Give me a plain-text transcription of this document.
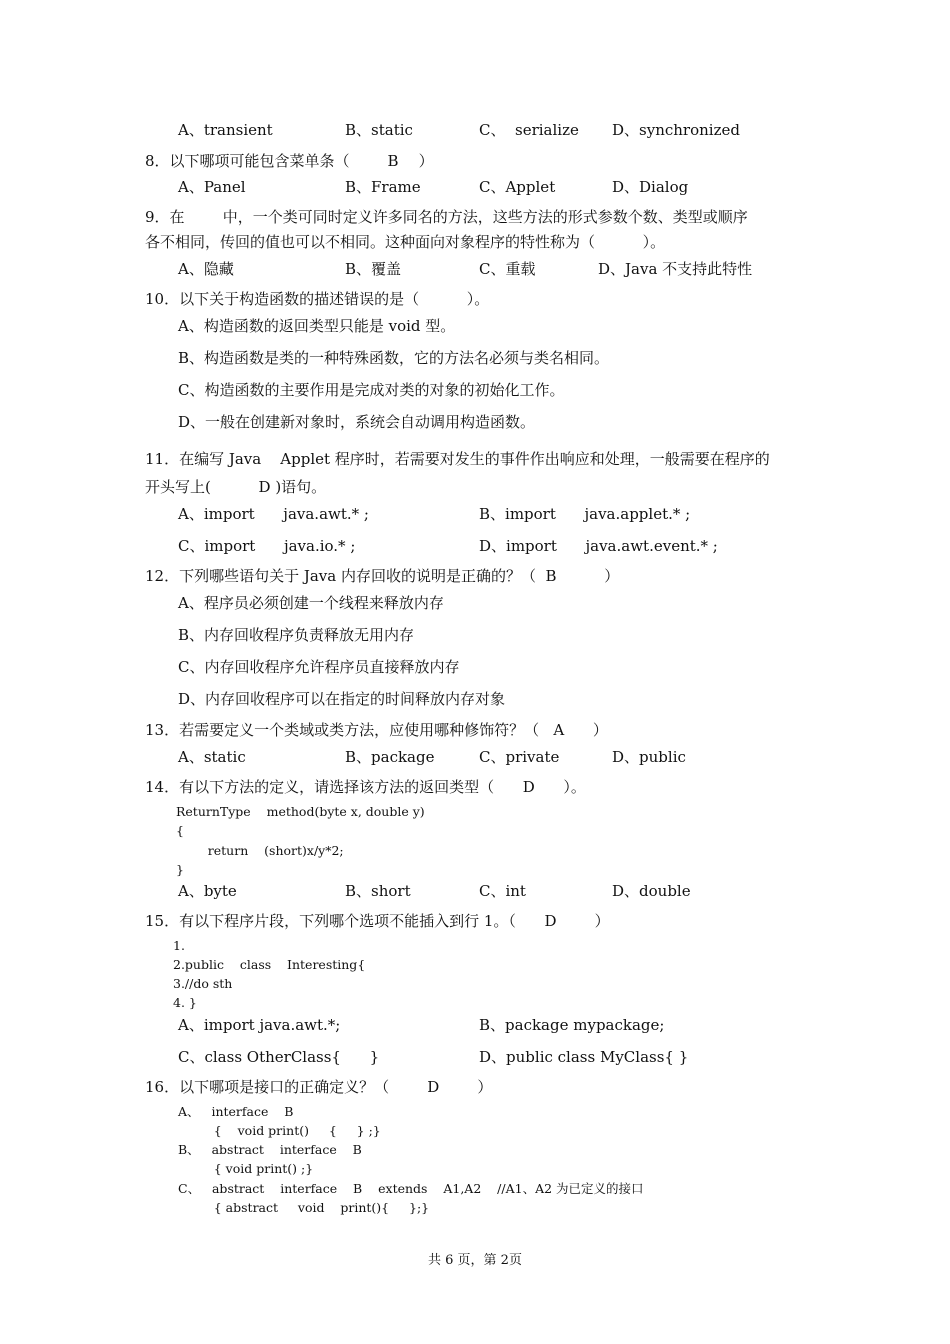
A、transient	B、static	C、  serialize D、synchronized
8．以下哪项可能包含菜单条（	B ）
A、Panel	B、Frame	C、Applet	D、Dialog
9．在        中，一个类可同时定义许多同名的方法，这些方法的形式参数个数、类型或顺序
各不相同，传回的值也可以不相同。这种面向对象程序的特性称为（          ）。
A、隐藏	B、覆盖	C、重载	D、Java 不支持此特性
10．以下关于构造函数的描述错误的是（          ）。
A、构造函数的返回类型只能是 void 型。
B、构造函数是类的一种特殊函数，它的方法名必须与类名相同。
C、构造函数的主要作用是完成对类的对象的初始化工作。
D、一般在创建新对象时，系统会自动调用构造函数。
11．在编写 Java    Applet 程序时，若需要对发生的事件作出响应和处理，一般需要在程序的
开头写上(          D )语句。
A、import      java.awt.* ;	B、import      java.applet.* ;
C、import      java.io.* ;	D、import      java.awt.event.* ;
12．下列哪些语句关于 Java 内存回收的说明是正确的？（  B          ）
A、程序员必须创建一个线程来释放内存
B、内存回收程序负责释放无用内存
C、内存回收程序允许程序员直接释放内存
D、内存回收程序可以在指定的时间释放内存对象
13．若需要定义一个类域或类方法，应使用哪种修饰符？（   A      ）
A、static	B、package	C、private	D、public
14．有以下方法的定义，请选择该方法的返回类型（      D      ）。
ReturnType    method(byte x, double y)
{
return    (short)x/y*2;
}
A、byte	B、short	C、int	D、double
15．有以下程序片段，下列哪个选项不能插入到行 1。（      D        ）
1.
2.public    class    Interesting{
3.//do sth
4. }
A、import java.awt.*;	B、package mypackage;
C、class OtherClass{      }	D、public class MyClass{ }
16．以下哪项是接口的正确定义？（        D        ）
A、   interface    B
{    void print()     {     } ;}
B、   abstract    interface    B
{ void print() ;}
C、   abstract    interface    B    extends    A1,A2    //A1、A2 为已定义的接口
{ abstract     void    print(){     };}
共 6 页，第 2页
